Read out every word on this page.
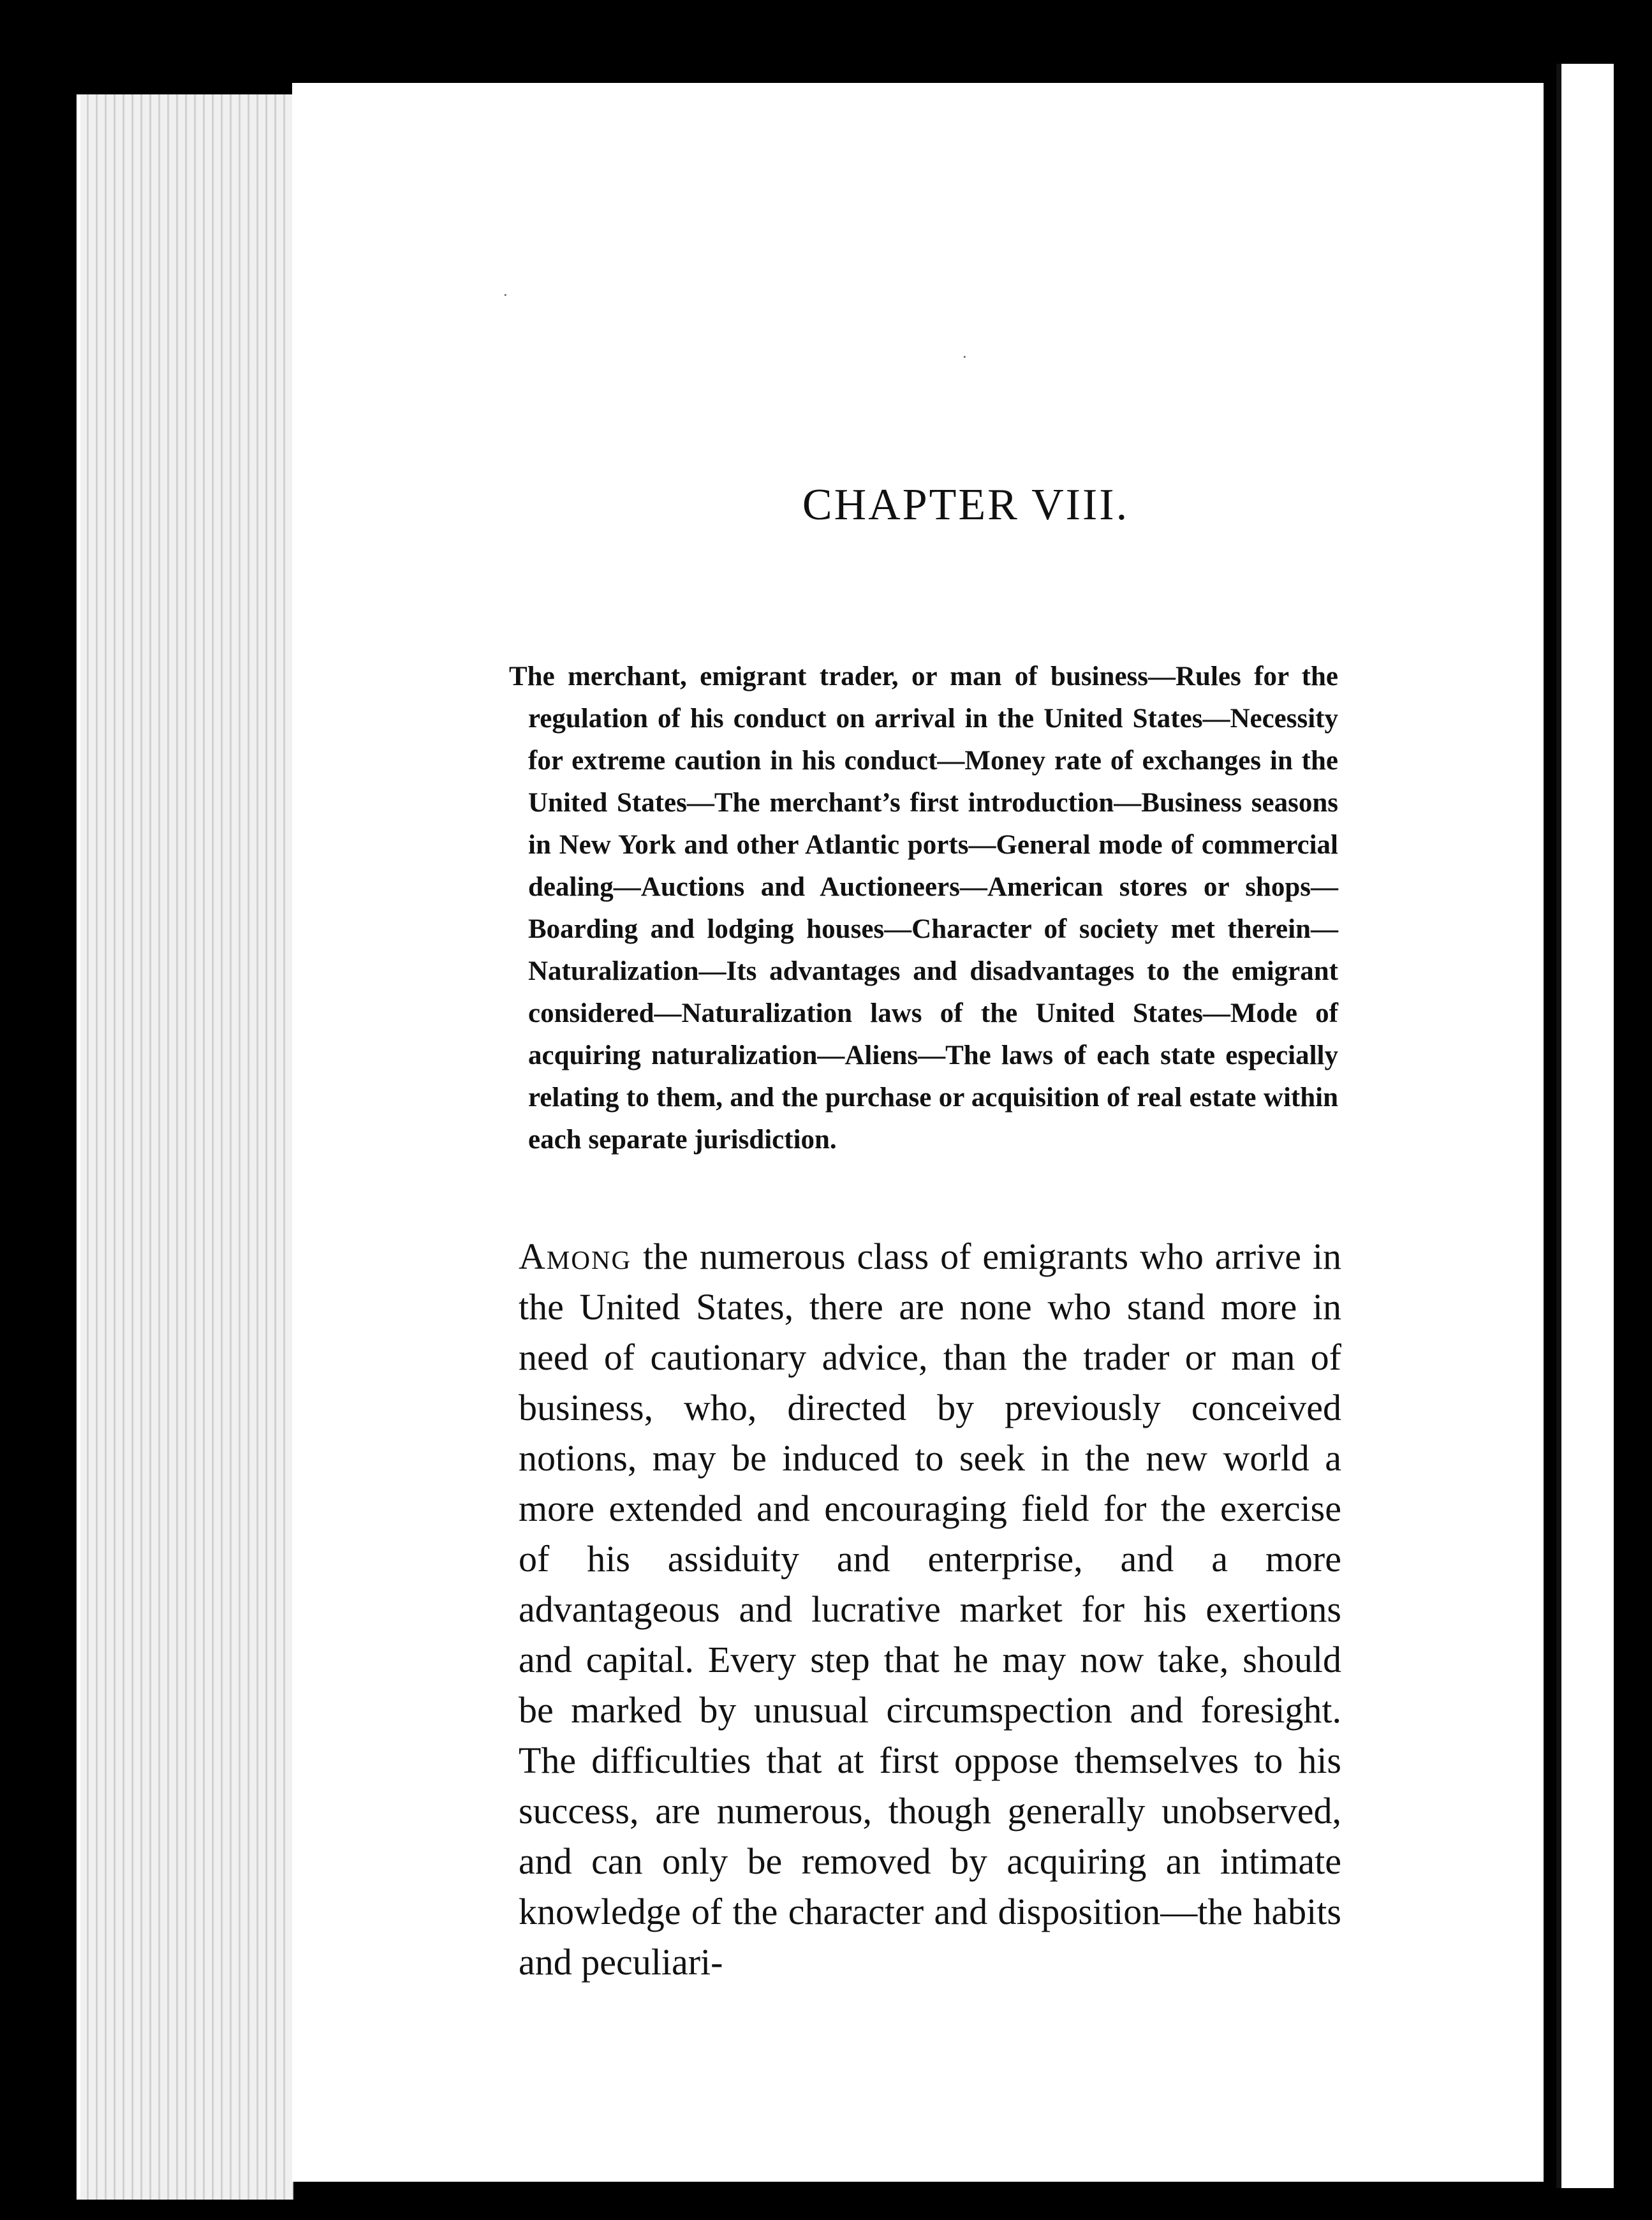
·
·
CHAPTER VIII.

The merchant, emigrant trader, or man of business—Rules for the regulation of his conduct on arrival in the United States—Necessity for extreme caution in his conduct—Money rate of exchanges in the United States—The merchant’s first introduction—Business seasons in New York and other Atlantic ports—General mode of commercial dealing—Auctions and Auctioneers—American stores or shops—Boarding and lodging houses—Character of society met therein—Naturalization—Its advantages and disadvantages to the emigrant considered—Naturalization laws of the United States—Mode of acquiring naturalization—Aliens—The laws of each state especially relating to them, and the purchase or acquisition of real estate within each separate jurisdiction.

Among the numerous class of emigrants who arrive in the United States, there are none who stand more in need of cautionary advice, than the trader or man of business, who, directed by previously conceived notions, may be induced to seek in the new world a more extended and encouraging field for the exercise of his assiduity and enterprise, and a more advantageous and lucrative market for his exertions and capital. Every step that he may now take, should be marked by unusual circumspection and foresight. The difficulties that at first oppose themselves to his success, are numerous, though generally unobserved, and can only be removed by acquiring an intimate knowledge of the character and disposition—the habits and peculiari-
